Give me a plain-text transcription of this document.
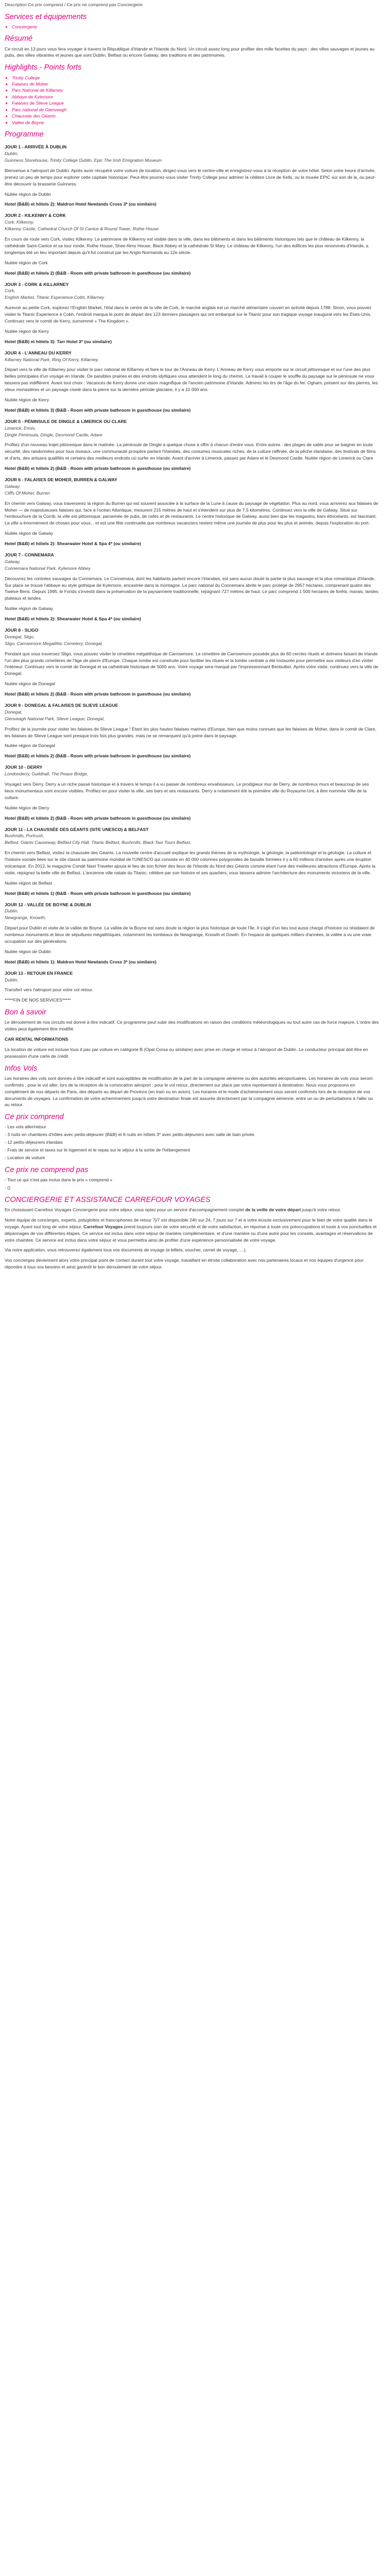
Description Ce prix comprend / Ce prix ne comprend pas Conciergerie

Services et équipements
• Conciergerie
Résumé

Ce circuit en 13 jours vous fera voyager à travers la République d'Irlande et l'Irlande du Nord. Un circuit assez long pour profiter des mille facettes du pays : des villes sauvages et jeunes au pubs, des villes vibrantes et jeunes que sont Dublin, Belfast ou encore Galway, des traditions et des patrimoines.

Highlights - Points forts
• Trinity College
• Falaises de Moher
• Parc National de Killarney
• Abbaye de Kylemore
• Falaises de Slieve League
• Parc national de Glenveagh
• Chaussée des Géants
• Vallée de Boyne
Programme

JOUR 1 - ARRIVÉE À DUBLIN

Dublin,
Guinness Storehouse, Trinity College Dublin, Epic The Irish Emigration Museum

Bienvenue à l'aéroport de Dublin. Après avoir récupéré votre voiture de location, dirigez-vous vers le centre-ville et enregistrez-vous à la réception de votre hôtel. Selon votre heure d'arrivée, prenez un peu de temps pour explorer cette capitale historique. Peut-être pourrez-vous visiter Trinity College pour admirer la célèbre Livre de Kells, ou le musée EPIC sur son de la, ou peut-être découvrir la brasserie Guinness.

Nuitée région de Dublin

Hotel (B&B) et hôtels 2): Maldron Hotel Newlands Cross 3* (ou similaire)

JOUR 2 - KILKENNY & CORK

Cork, Kilkenny,
Kilkenny Castle, Cathedral Church Of St Canice & Round Tower, Rothe House

En cours de route vers Cork, visitez Kilkenny. Le patrimoine de Kilkenny est visible dans la ville, dans les bâtiments et dans les bâtiments historiques tels que le château de Kilkenny, la cathédrale Saint-Canice et sa tour ronde, Rothe House, Shee Alms House, Black Abbey et la cathédrale St Mary. Le château de Kilkenny, l'un des édifices les plus renommés d'Irlande, a longtemps été un lieu important depuis qu'il fut construit par les Anglo-Normands au 12e siècle.

Nuitée région de Cork

Hotel (B&B) et hôtels 2) (B&B - Room with private bathroom in guesthouse (ou similaire)

JOUR 3 - CORK & KILLARNEY

Cork,
English Market, Titanic Experience Cobh, Killarney

Aurevoir au petite Cork, explorez l'English Market, l'étal dans le centre de la ville de Cork, le marché anglais est un marché alimentaire couvert en activité depuis 1788. Sinon, vous pouvez visiter le Titanic Experience à Cobh, l'endroit marqua le point de départ des 123 derniers passagers qui ont embarqué sur le Titanic pour son tragique voyage inaugural vers les États-Unis. Continuez vers le comté de Kerry, surnommé « The Kingdom ».

Nuitée région de Kerry

Hotel (B&B) et hôtels 3): Tarr Hotel 3* (ou similaire)

JOUR 4 - L'ANNEAU DU KERRY

Killarney National Park, Ring Of Kerry, Killarney,

Départ vers la ville de Killarney pour visiter le parc national de Killarney et faire le tour de l'Anneau de Kerry. L'Anneau de Kerry vous emporte sur le circuit pittoresque et sur l'une des plus belles principales d'un voyage en Irlande. De paisibles prairies et des endroits idylliques vous attendent le long du chemin. Le travail à couper le souffle du paysage sur le péninsule ne vous laissera pas indifférent. Avant tout choix : Vacances de Kerry donne une vision magnifique de l'ancien patrimoine d'Irlande. Admirez les tirs de l'âge du fer. Ogham, présent sur des pierres, les vieux monastères et un paysage ciselé dans la pierre sur la dernière période glaciaire, il y a 10 000 ans.

Nuitée région de Kerry

Hotel (B&B) et hôtels 3) (B&B - Room with private bathroom in guesthouse (ou similaire)

JOUR 5 - PÉNINSULE DE DINGLE & LIMERICK OU CLARE

Limerick, Ennis,
Dingle Peninsula, Dingle, Desmond Castle, Adare

Profitez d'un nouveau trajet pittoresque dans le matinée. La péninsule de Dingle a quelque chose à offrir à chacun d'entre vous. Entre autres : des plages de sable pour se baigner en toute sécurité, des randonnées pour tous niveaux, une communauté prospère parlant l'irlandais, des costumes musicales riches, de la culture raffinée, de la pêche irlandaise, des festivals de films et d'arts, des artisans qualifiés et certains des meilleurs endroits où surfer en Irlande. Avant d'arriver à Limerick, passez par Adare et le Desmond Castle. Nuitée région de Limerick ou Clare

Hotel (B&B) et hôtels 2) (B&B - Room with private bathroom in guesthouse (ou similaire)

JOUR 6 - FALAISES DE MOHER, BURREN & GALWAY

Galway,
Cliffs Of Moher, Burren

En chemin vers Galway, vous traverserez la région du Burren qui est souvent associée à la surface de la Lune à cause du paysage de végétation. Plus au nord, vous arriverez aux falaises de Moher — de majestueuses falaises qui, face à l'océan Atlantique, mesurent 215 mètres de haut et s'étendent sur plus de 7,5 kilomètres. Continuez vers la ville de Galway. Situé sur l'embouchure de la Corrib, la ville est pittoresque, parsemée de pubs, de cafés et de restaurants. Le centre historique de Galway, aussi bien que les magasins, bars étincelants, est fascinant. La ville a énormément de choses pour vous... et est une fête continuelle que nombreux vacanciers restent même une journée de plus pour les plus et animés, depuis l'exploration du port.

Nuitée région de Galway

Hotel (B&B) et hôtels 2): Shearwater Hotel & Spa 4* (ou similaire)

JOUR 7 - CONNEMARA

Galway,
Connemara National Park, Kylemore Abbey

Découvrez les contrées sauvages du Connemara. Le Connemara, dont les habitants parlent encore l'irlandais, est sans aucun doute la partie la plus sauvage et la plus romantique d'Irlande. Sur place se trouve l'abbaye au style gothique de Kylemore, encastrée dans la montagne. Le parc national du Connemara abrite le parc protégé de 2957 hectares, comprenant quatre des Twelve Bens. Depuis 1995, le Fonds s'investit dans la préservation de la paysannerie traditionnelle, rejoignant 727 mètres de haut. Le parc comprend 1 500 hectares de forêts, marais, landes plateaux et landes.

Nuitée région de Galway

Hotel (B&B) et hôtels 2): Shearwater Hotel & Spa 4* (ou similaire)

JOUR 8 - SLIGO

Donegal, Sligo,
Sligo, Carrowmore Megalithic Cemetery, Donegal,

Pendant que vous traversez Sligo, vous pouvez visiter le cimetière mégalithique de Carrowmore. Le cimetière de Carrowmore possède plus de 60 cercles rituels et dolmens faisant de Irlande l'un des plus grands cimetières de l'âge de pierre d'Europe. Chaque tombe est construite pour faciliter les rituels et la tombe centrale a été instaurée pour permettre aux visiteurs d'en visiter l'intérieur. Continuez vers le comté de Donegal et sa cathédrale historique de 5000 ans. Votre voyage sera marqué par l'impressionnant Benbulbin. Après votre visite, continuez vers la ville de Donegal.

Nuitée région de Donegal

Hotel (B&B) et hôtels 2) (B&B - Room with private bathroom in guesthouse (ou similaire)

JOUR 9 - DONEGAL & FALAISES DE SLIEVE LEAGUE

Donegal,
Glenveagh National Park, Slieve League, Donegal,

Profitez de la journée pour visiter les falaises de Slieve League ! Étant les plus hautes falaises marines d'Europe, bien que moins connues que les falaises de Moher, dans le comté de Clare, les falaises de Slieve League sont presque trois fois plus grandes, mais ne se remarquent qu'à peine dans le paysage.

Nuitée région de Donegal

Hotel (B&B) et hôtels 2) (B&B - Room with private bathroom in guesthouse (ou similaire)

JOUR 10 - DERRY

Londonderry, Guildhall, The Peace Bridge,

Voyagez vers Derry. Derry a un riche passé historique et à travers le temps il a vu passer de nombreux envahisseurs. Le prodigieux mur de Derry, de nombreux murs et beaucoup de ses lieux monumentaux sont encore visibles. Profitez-en pour visiter la ville, ses bars et ses restaurants. Derry a notamment été la première ville du Royaume-Uni, à être nommée Ville de la culture.

Nuitée région de Derry

Hotel (B&B) et hôtels 2) (B&B - Room with private bathroom in guesthouse (ou similaire)

JOUR 11 - LA CHAUSSÉE DES GÉANTS (SITE UNESCO) & BELFAST

Bushmills, Portrush,
Belfast, Giants Causeway, Belfast City Hall, Titanic Belfast, Bushmills, Black Taxi Tours Belfast,

En chemin vers Belfast, visitez la chaussée des Géants. La nouvelle centre d'accueil explique les grands thèmes de la mythologie, la géologie, la paléontologie et la géologie. La culture et l'histoire sociale liées sur le site classé au patrimoine mondial de l'UNESCO qui consiste en 40 000 colonnes polygonales de basalte formées il y a 60 millions d'années après une éruption volcanique. En 2012, le magazine Condé Nast Traveler ajouta le lieu de son fichier des lieux de l'Irlande du Nord des Géants comme étant l'une des meilleures attractions d'Europe. Après la visite, rejoignez la belle ville de Belfast. L'ancienne ville natale du Titanic, célèbre par son histoire et ses quartiers, vous laissera admirer l'architecture des monuments victoriens de la ville.

Nuitée région de Belfast

Hotel (B&B) et hôtels 1) (B&B - Room with private bathroom in guesthouse (ou similaire)

JOUR 12 - VALLÉE DE BOYNE & DUBLIN

Dublin,
Newgrange, Knowth,

Départ pour Dublin et visite de la vallée de Boyne. La vallée de la Boyne est sans doute la région la plus historique de toute l'île. Il s'agit d'un lieu tout aussi chargé d'histoire où résidaient de nombreux monuments et lieux de sépultures mégalithiques, notamment les tombeaux de Newgrange, Knowth et Dowth. En l'espace de quelques milliers d'années, la vallée a vu une vraie occupation sur des générations.

Nuitée région de Dublin

Hotel (B&B) et hôtels 1): Maldron Hotel Newlands Cross 3* (ou similaire)

JOUR 13 - RETOUR EN FRANCE

Dublin,

Transfert vers l'aéroport pour votre vol retour.

*****FIN DE NOS SERVICES*****

Bon à savoir

Le déroulement de nos circuits est donné à titre indicatif. Ce programme peut subir des modifications en raison des conditions météorologiques ou tout autre cas de force majeure. L'ordre des visites peut également être modifié.

CAR RENTAL INFORMATIONS

La location de voiture est incluse tous 4 pax par voiture en catégorie B (Opel Corsa ou similaire) avec prise en charge et retour à l'aéroport de Dublin. Le conducteur principal doit être en possession d'une carte de crédit.

Infos Vols

Les horaires des vols sont donnés à titre indicatif et sont susceptibles de modification de la part de la compagnie aérienne ou des autorités aéroportuaires. Les horaires de vols vous seront confirmés ; pour le vol aller, lors de la réception de la convocation aéroport ; pour le vol retour, directement sur place par votre représentant à destination. Nous vous proposons en complément de nos départs de Paris, des départs au départ de Province (en train ou en avion). Les horaires et le mode d'acheminement vous seront confirmés lors de la réception de vos documents de voyages. La confirmation de votre acheminement jusqu'à votre destination finale est assurée directement par la compagnie aérienne, entre un ou de perturbations à l'aller ou au retour.

Ce prix comprend

- Les vols aller/retour

- 3 nuits en chambres d'hôtes avec petits-déjeuner (B&B) et 8 nuits en hôtels 3* avec petits-déjeuners avec salle de bain privée.

- 12 petits-déjeuners irlandais

- Frais de service et taxes sur le logement et le repas sur le séjour à la sortie de l'hébergement

- Location de voiture

Ce prix ne comprend pas

- Tout ce qui n'est pas inclus dans le prix « comprend »

- ()

CONCIERGERIE ET ASSISTANCE CARREFOUR VOYAGES

En choisissant Carrefour Voyages Conciergerie pour votre séjour, vous optez pour un service d'accompagnement complet de la veille de votre départ jusqu'à votre retour.

Notre équipe de concierges, experts, polyglottes et francophones de retour 7j/7 est disponible 24h sur 24, 7 jours sur 7 et à votre écoute exclusivement pour le bien de votre qualité dans le voyage. Ayant tout long de votre séjour, Carrefour Voyages prend toujours soin de votre sécurité et de votre satisfaction, en réponse à toute vos préoccupations et toute à vos ponctuelles et dépannages de vos différentes étapes. Ce service est inclus dans votre séjour de manière complémentaire, et d'une manière ou d'une autre pour les conseils, avantages et réservations de votre chambre. Ce service est inclus dans votre séjour et vous permettra ainsi de profiter d'une expérience personnalisée de votre voyage.

Via notre application, vous retrouverez également tous vos documents de voyage (e-billets, voucher, carnet de voyage, …).

Vos concierges deviennent alors votre principal point de contact durant tout votre voyage, travaillant en étroite collaboration avec nos partenaires locaux et nos équipes d'urgence pour répondre à tous vos besoins et ainsi garantir le bon déroulement de votre séjour.
